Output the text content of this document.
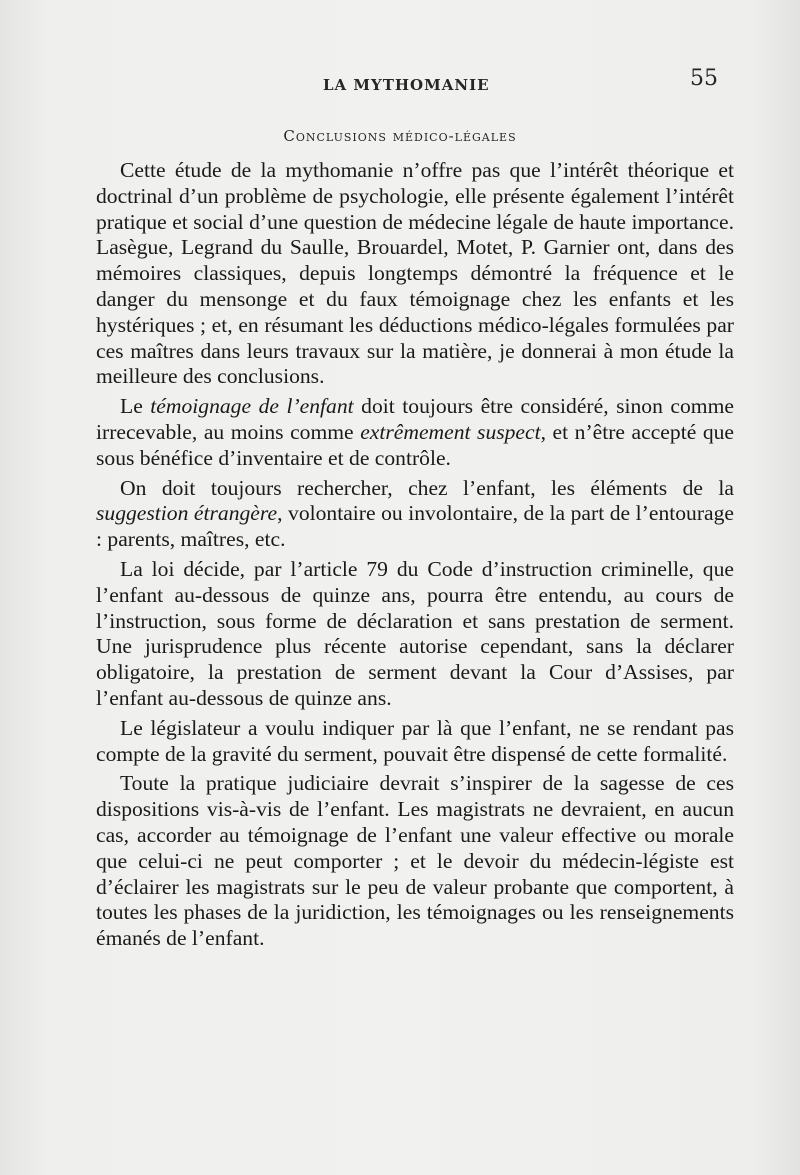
LA MYTHOMANIE	55
Conclusions médico-légales

Cette étude de la mythomanie n’offre pas que l’intérêt théorique et doctrinal d’un problème de psychologie, elle présente également l’intérêt pratique et social d’une question de médecine légale de haute importance. Lasègue, Legrand du Saulle, Brouardel, Motet, P. Garnier ont, dans des mémoires classiques, depuis longtemps démontré la fréquence et le danger du mensonge et du faux témoignage chez les enfants et les hystériques ; et, en résumant les déductions médico-légales formulées par ces maîtres dans leurs travaux sur la matière, je donnerai à mon étude la meilleure des conclusions.

Le témoignage de l’enfant doit toujours être considéré, sinon comme irrecevable, au moins comme extrêmement suspect, et n’être accepté que sous bénéfice d’inventaire et de contrôle.

On doit toujours rechercher, chez l’enfant, les éléments de la suggestion étrangère, volontaire ou involontaire, de la part de l’entourage : parents, maîtres, etc.

La loi décide, par l’article 79 du Code d’instruction criminelle, que l’enfant au-dessous de quinze ans, pourra être entendu, au cours de l’instruction, sous forme de déclaration et sans prestation de serment. Une jurisprudence plus récente autorise cependant, sans la déclarer obligatoire, la prestation de serment devant la Cour d’Assises, par l’enfant au-dessous de quinze ans.

Le législateur a voulu indiquer par là que l’enfant, ne se rendant pas compte de la gravité du serment, pouvait être dispensé de cette formalité.

Toute la pratique judiciaire devrait s’inspirer de la sagesse de ces dispositions vis-à-vis de l’enfant. Les magistrats ne devraient, en aucun cas, accorder au témoignage de l’enfant une valeur effective ou morale que celui-ci ne peut comporter ; et le devoir du médecin-légiste est d’éclairer les magistrats sur le peu de valeur probante que comportent, à toutes les phases de la juridiction, les témoignages ou les renseignements émanés de l’enfant.
